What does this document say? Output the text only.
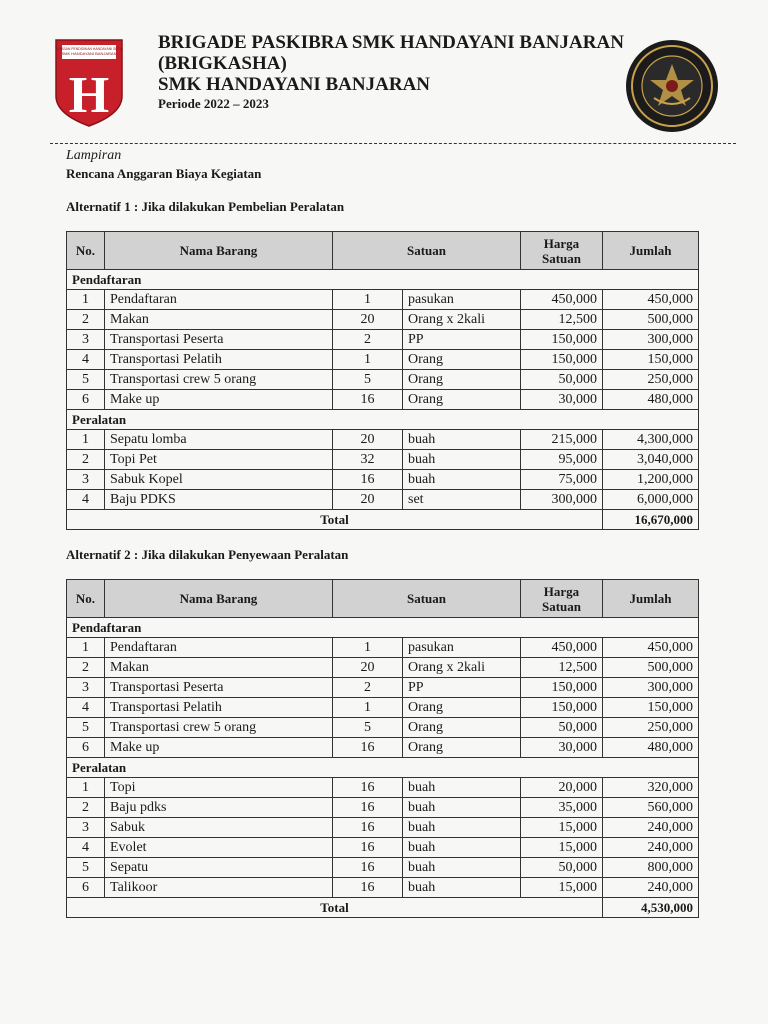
YAYASAN PENDIDIKAN HANDAYANI SETIA
SMK HANDAYANI BANJARAN
H
BRIGADE PASKIBRA SMK HANDAYANI BANJARAN
(BRIGKASHA)
SMK HANDAYANI BANJARAN
Periode 2022 – 2023
Lampiran
Rencana Anggaran Biaya Kegiatan
Alternatif 1 : Jika dilakukan Pembelian Peralatan
No.	Nama Barang	Satuan		Harga Satuan	Jumlah
Pendaftaran					
1	Pendaftaran	1	pasukan	450,000	450,000
2	Makan	20	Orang x 2kali	12,500	500,000
3	Transportasi Peserta	2	PP	150,000	300,000
4	Transportasi Pelatih	1	Orang	150,000	150,000
5	Transportasi crew 5 orang	5	Orang	50,000	250,000
6	Make up	16	Orang	30,000	480,000
Peralatan					
1	Sepatu lomba	20	buah	215,000	4,300,000
2	Topi Pet	32	buah	95,000	3,040,000
3	Sabuk Kopel	16	buah	75,000	1,200,000
4	Baju PDKS	20	set	300,000	6,000,000
Total					16,670,000
Alternatif 2 : Jika dilakukan Penyewaan Peralatan
No.	Nama Barang	Satuan		Harga Satuan	Jumlah
Pendaftaran					
1	Pendaftaran	1	pasukan	450,000	450,000
2	Makan	20	Orang x 2kali	12,500	500,000
3	Transportasi Peserta	2	PP	150,000	300,000
4	Transportasi Pelatih	1	Orang	150,000	150,000
5	Transportasi crew 5 orang	5	Orang	50,000	250,000
6	Make up	16	Orang	30,000	480,000
Peralatan					
1	Topi	16	buah	20,000	320,000
2	Baju pdks	16	buah	35,000	560,000
3	Sabuk	16	buah	15,000	240,000
4	Evolet	16	buah	15,000	240,000
5	Sepatu	16	buah	50,000	800,000
6	Talikoor	16	buah	15,000	240,000
Total					4,530,000
